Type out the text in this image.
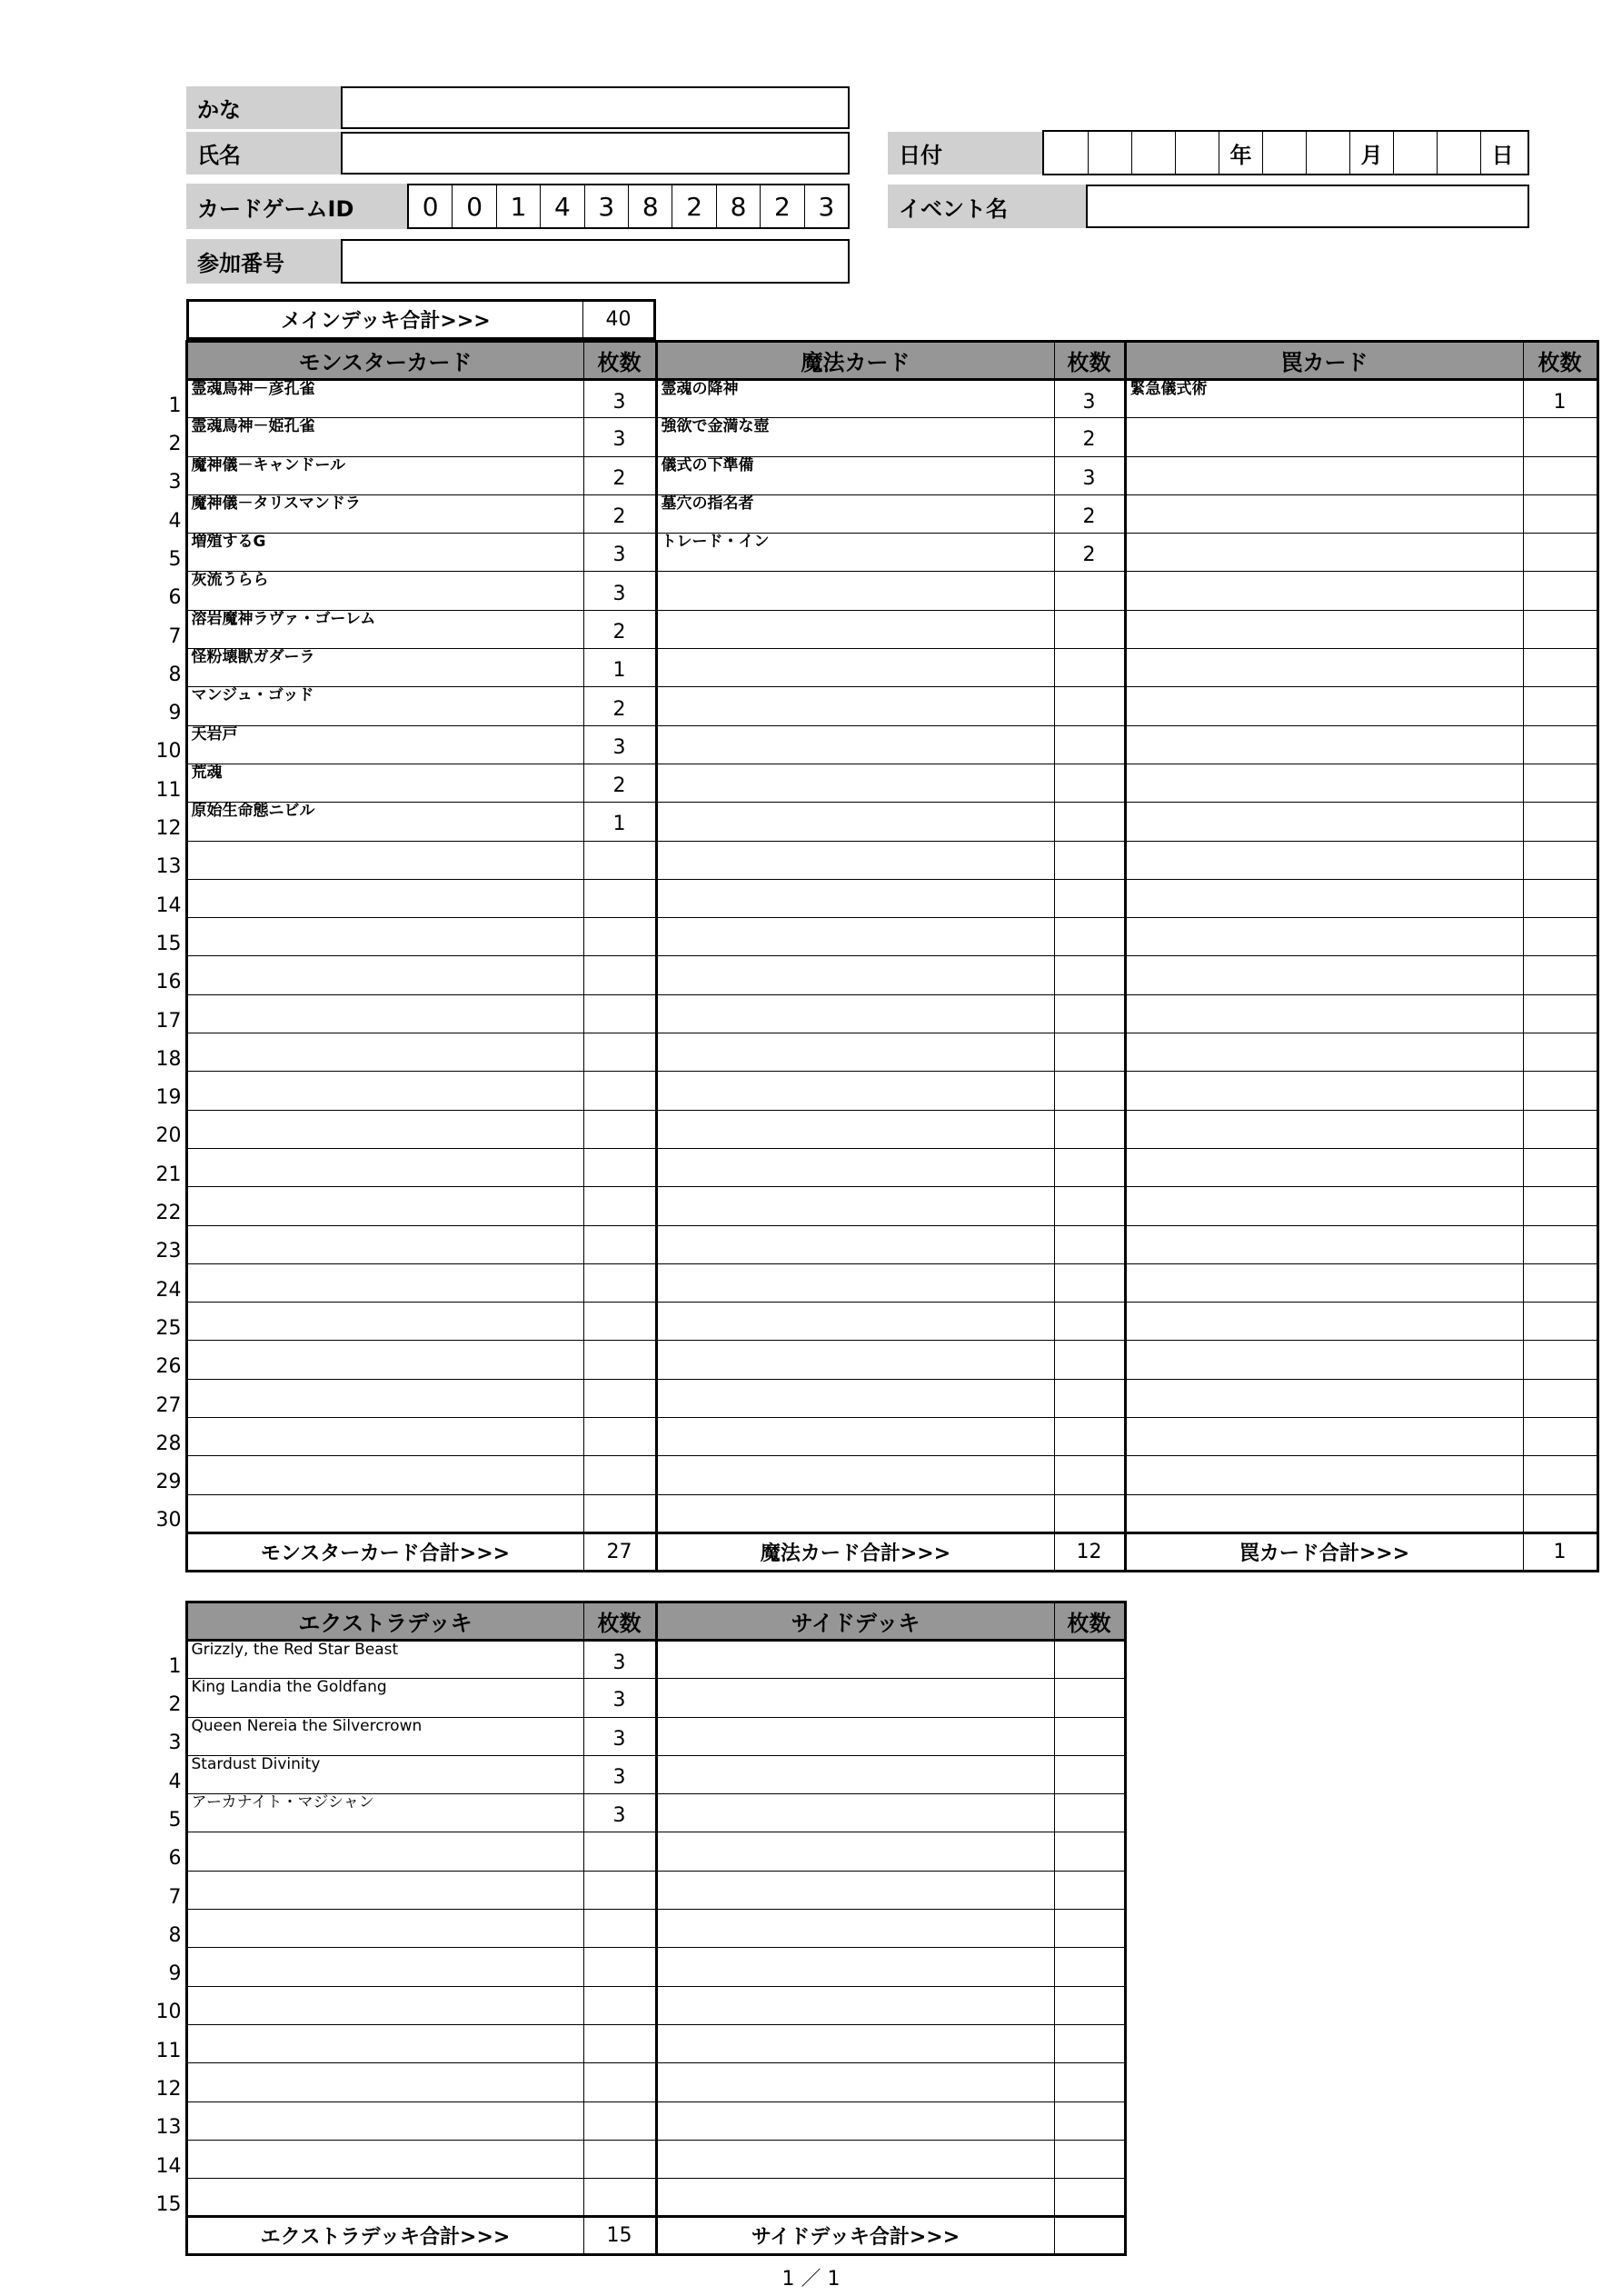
かな
氏名
カードゲームID	0	0	1	4	3	8	2	8	2	3
参加番号
日付	年	月	日
イベント名
メインデッキ合計>>>	40
	モンスターカード	枚数	魔法カード	枚数	罠カード	枚数
1	霊魂鳥神－彦孔雀	3	霊魂の降神	3	緊急儀式術	1
2	霊魂鳥神－姫孔雀	3	強欲で金満な壺	2		
3	魔神儀－キャンドール	2	儀式の下準備	3		
4	魔神儀－タリスマンドラ	2	墓穴の指名者	2		
5	増殖するG	3	トレード・イン	2		
6	灰流うらら	3				
7	溶岩魔神ラヴァ・ゴーレム	2				
8	怪粉壊獣ガダーラ	1				
9	マンジュ・ゴッド	2				
10	天岩戸	3				
11	荒魂	2				
12	原始生命態ニビル	1				
13						
14						
15						
16						
17						
18						
19						
20						
21						
22						
23						
24						
25						
26						
27						
28						
29						
30						
	モンスターカード合計>>>	27	魔法カード合計>>>	12	罠カード合計>>>	1
	エクストラデッキ	枚数	サイドデッキ	枚数
1	Grizzly, the Red Star Beast	3		
2	King Landia the Goldfang	3		
3	Queen Nereia the Silvercrown	3		
4	Stardust Divinity	3		
5	アーカナイト・マジシャン	3		
6				
7				
8				
9				
10				
11				
12				
13				
14				
15				
	エクストラデッキ合計>>>	15	サイドデッキ合計>>>	
1 ／ 1
